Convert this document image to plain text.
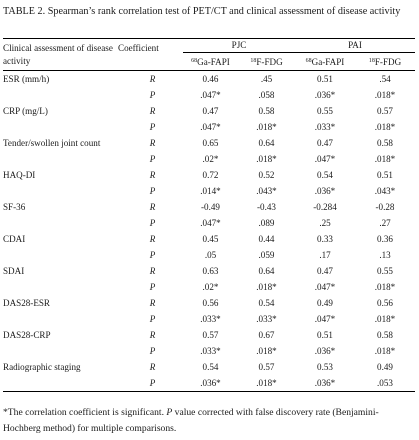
TABLE 2. Spearman’s rank correlation test of PET/CT and clinical assessment of disease activity
Clinical assessment of disease activity	Coefficient	PJC		PAI	
		$^{68}$Ga-FAPI	$^{18}$F-FDG	$^{68}$Ga-FAPI	$^{18}$F-FDG
ESR (mm/h)	R	0.46	.45	0.51	.54
	P	.047*	.058	.036*	.018*
CRP (mg/L)	R	0.47	0.58	0.55	0.57
	P	.047*	.018*	.033*	.018*
Tender/swollen joint count	R	0.65	0.64	0.47	0.58
	P	.02*	.018*	.047*	.018*
HAQ-DI	R	0.72	0.52	0.54	0.51
	P	.014*	.043*	.036*	.043*
SF-36	R	-0.49	-0.43	-0.284	-0.28
	P	.047*	.089	.25	.27
CDAI	R	0.45	0.44	0.33	0.36
	P	.05	.059	.17	.13
SDAI	R	0.63	0.64	0.47	0.55
	P	.02*	.018*	.047*	.018*
DAS28-ESR	R	0.56	0.54	0.49	0.56
	P	.033*	.033*	.047*	.018*
DAS28-CRP	R	0.57	0.67	0.51	0.58
	P	.033*	.018*	.036*	.018*
Radiographic staging	R	0.54	0.57	0.53	0.49
	P	.036*	.018*	.036*	.053
*The correlation coefficient is significant. P value corrected with false discovery rate (Benjamini-Hochberg method) for multiple comparisons.
